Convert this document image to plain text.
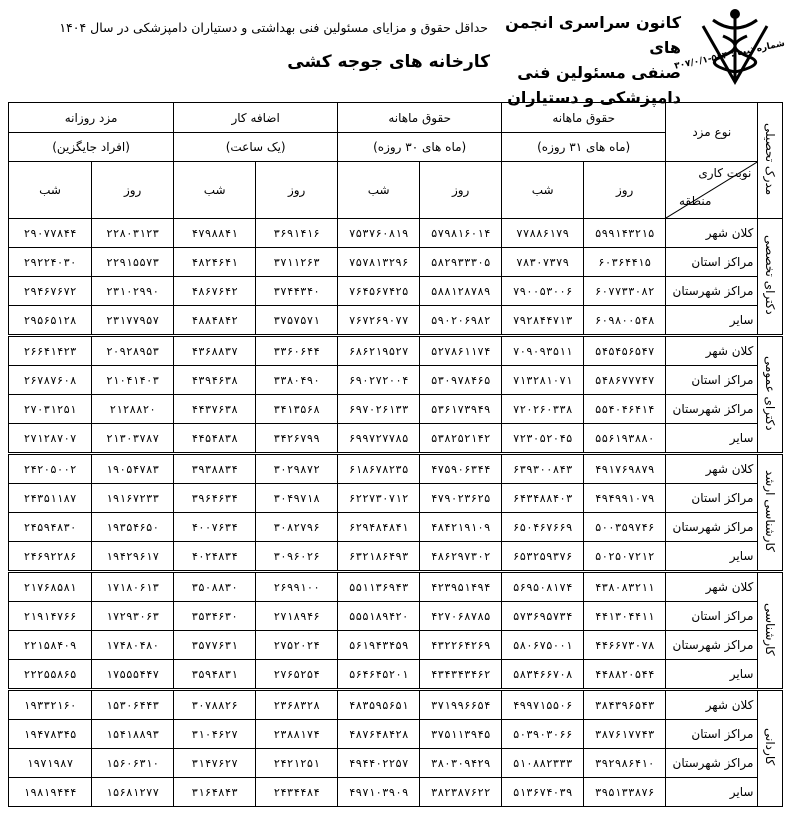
کانون سراسری انجمن های
صنفی مسئولین فنی
دامپزشکی و دستیاران
شماره ثبت : ۵۶۴-۳۰۷/۰/۱
حداقل حقوق و مزایای مسئولین فنی بهداشتی و دستیاران دامپزشکی در سال ۱۴۰۴
کارخانه های جوجه کشی
مدرک تحصیلی	نوع مزد	حقوق ماهانه		حقوق ماهانه		اضافه کار		مزد روزانه	
		(ماه های ۳۱ روزه)		(ماه های ۳۰ روزه)		(یک ساعت)		(افراد جایگزین)	

	نوبت کاری
منطقه	روز	شب	روز	شب	روز	شب	روز	شب
دکترای تخصصی	کلان شهر	۵۹۹۱۴۳۲۱۵	۷۷۸۸۶۱۷۹	۵۷۹۸۱۶۰۱۴	۷۵۳۷۶۰۸۱۹	۳۶۹۱۴۱۶	۴۷۹۸۸۴۱	۲۲۸۰۳۱۲۳	۲۹۰۷۷۸۴۴
	مراکز استان	۶۰۳۶۴۴۱۵	۷۸۳۰۷۳۷۹	۵۸۲۹۳۳۳۰۵	۷۵۷۸۱۳۲۹۶	۳۷۱۱۲۶۳	۴۸۲۴۶۴۱	۲۲۹۱۵۵۷۳	۲۹۲۲۴۰۳۰
	مراکز شهرستان	۶۰۷۷۳۳۰۸۲	۷۹۰۰۵۳۰۰۶	۵۸۸۱۲۸۷۸۹	۷۶۴۵۶۷۴۲۵	۳۷۴۴۳۴۰	۴۸۶۷۶۴۲	۲۳۱۰۲۹۹۰	۲۹۴۶۷۶۷۲
	سایر	۶۰۹۸۰۰۵۴۸	۷۹۲۸۴۴۷۱۳	۵۹۰۲۰۶۹۸۲	۷۶۷۲۶۹۰۷۷	۳۷۵۷۵۷۱	۴۸۸۴۸۴۲	۲۳۱۷۷۹۵۷	۲۹۵۶۵۱۲۸
دکترای عمومی	کلان شهر	۵۴۵۴۵۶۵۴۷	۷۰۹۰۹۳۵۱۱	۵۲۷۸۶۱۱۷۴	۶۸۶۲۱۹۵۲۷	۳۳۶۰۶۴۴	۴۳۶۸۸۳۷	۲۰۹۲۸۹۵۳	۲۶۶۴۱۴۲۳
	مراکز استان	۵۴۸۶۷۷۷۴۷	۷۱۳۲۸۱۰۷۱	۵۳۰۹۷۸۴۶۵	۶۹۰۲۷۲۰۰۴	۳۳۸۰۴۹۰	۴۳۹۴۶۳۸	۲۱۰۴۱۴۰۳	۲۶۷۸۷۶۰۸
	مراکز شهرستان	۵۵۴۰۴۶۴۱۴	۷۲۰۲۶۰۳۳۸	۵۳۶۱۷۳۹۴۹	۶۹۷۰۲۶۱۳۳	۳۴۱۳۵۶۸	۴۴۳۷۶۳۸	۲۱۲۸۸۲۰	۲۷۰۳۱۲۵۱
	سایر	۵۵۶۱۹۳۸۸۰	۷۲۳۰۵۲۰۴۵	۵۳۸۲۵۲۱۴۲	۶۹۹۷۲۷۷۸۵	۳۴۲۶۷۹۹	۴۴۵۴۸۳۸	۲۱۳۰۳۷۸۷	۲۷۱۲۸۷۰۷
کارشناسی ارشد	کلان شهر	۴۹۱۷۶۹۸۷۹	۶۳۹۳۰۰۸۴۳	۴۷۵۹۰۶۳۴۴	۶۱۸۶۷۸۲۳۵	۳۰۲۹۸۷۲	۳۹۳۸۸۳۴	۱۹۰۵۴۷۸۳	۲۴۲۰۵۰۰۲
	مراکز استان	۴۹۴۹۹۱۰۷۹	۶۴۳۴۸۸۴۰۳	۴۷۹۰۲۳۶۲۵	۶۲۲۷۳۰۷۱۲	۳۰۴۹۷۱۸	۳۹۶۴۶۳۴	۱۹۱۶۷۲۳۳	۲۴۳۵۱۱۸۷
	مراکز شهرستان	۵۰۰۳۵۹۷۴۶	۶۵۰۴۶۷۶۶۹	۴۸۴۲۱۹۱۰۹	۶۲۹۴۸۴۸۴۱	۳۰۸۲۷۹۶	۴۰۰۷۶۳۴	۱۹۳۵۴۶۵۰	۲۴۵۹۴۸۳۰
	سایر	۵۰۲۵۰۷۲۱۲	۶۵۳۲۵۹۳۷۶	۴۸۶۲۹۷۳۰۲	۶۳۲۱۸۶۴۹۳	۳۰۹۶۰۲۶	۴۰۲۴۸۳۴	۱۹۴۲۹۶۱۷	۲۴۶۹۲۲۸۶
کارشناسی	کلان شهر	۴۳۸۰۸۳۲۱۱	۵۶۹۵۰۸۱۷۴	۴۲۳۹۵۱۴۹۴	۵۵۱۱۳۶۹۴۳	۲۶۹۹۱۰۰	۳۵۰۸۸۳۰	۱۷۱۸۰۶۱۳	۲۱۷۶۸۵۸۱
	مراکز استان	۴۴۱۳۰۴۴۱۱	۵۷۳۶۹۵۷۳۴	۴۲۷۰۶۸۷۸۵	۵۵۵۱۸۹۴۲۰	۲۷۱۸۹۴۶	۳۵۳۴۶۳۰	۱۷۲۹۳۰۶۳	۲۱۹۱۴۷۶۶
	مراکز شهرستان	۴۴۶۶۷۳۰۷۸	۵۸۰۶۷۵۰۰۱	۴۳۲۲۶۴۲۶۹	۵۶۱۹۴۳۴۵۹	۲۷۵۲۰۲۴	۳۵۷۷۶۳۱	۱۷۴۸۰۴۸۰	۲۲۱۵۸۴۰۹
	سایر	۴۴۸۸۲۰۵۴۴	۵۸۳۴۶۶۷۰۸	۴۳۴۳۴۳۴۶۲	۵۶۴۶۴۵۲۰۱	۲۷۶۵۲۵۴	۳۵۹۴۸۳۱	۱۷۵۵۵۴۴۷	۲۲۲۵۵۸۶۵
کاردانی	کلان شهر	۳۸۴۳۹۶۵۴۳	۴۹۹۷۱۵۵۰۶	۳۷۱۹۹۶۶۵۴	۴۸۳۵۹۵۶۵۱	۲۳۶۸۳۲۸	۳۰۷۸۸۲۶	۱۵۳۰۶۴۴۳	۱۹۳۳۲۱۶۰
	مراکز استان	۳۸۷۶۱۷۷۴۳	۵۰۳۹۰۳۰۶۶	۳۷۵۱۱۳۹۴۵	۴۸۷۶۴۸۴۲۸	۲۳۸۸۱۷۴	۳۱۰۴۶۲۷	۱۵۴۱۸۸۹۳	۱۹۴۷۸۳۴۵
	مراکز شهرستان	۳۹۲۹۸۶۴۱۰	۵۱۰۸۸۲۳۳۳	۳۸۰۳۰۹۴۲۹	۴۹۴۴۰۲۲۵۷	۲۴۲۱۲۵۱	۳۱۴۷۶۲۷	۱۵۶۰۶۳۱۰	۱۹۷۱۹۸۷
	سایر	۳۹۵۱۳۳۸۷۶	۵۱۳۶۷۴۰۳۹	۳۸۲۳۸۷۶۲۲	۴۹۷۱۰۳۹۰۹	۲۴۳۴۴۸۴	۳۱۶۴۸۴۳	۱۵۶۸۱۲۷۷	۱۹۸۱۹۴۴۴
